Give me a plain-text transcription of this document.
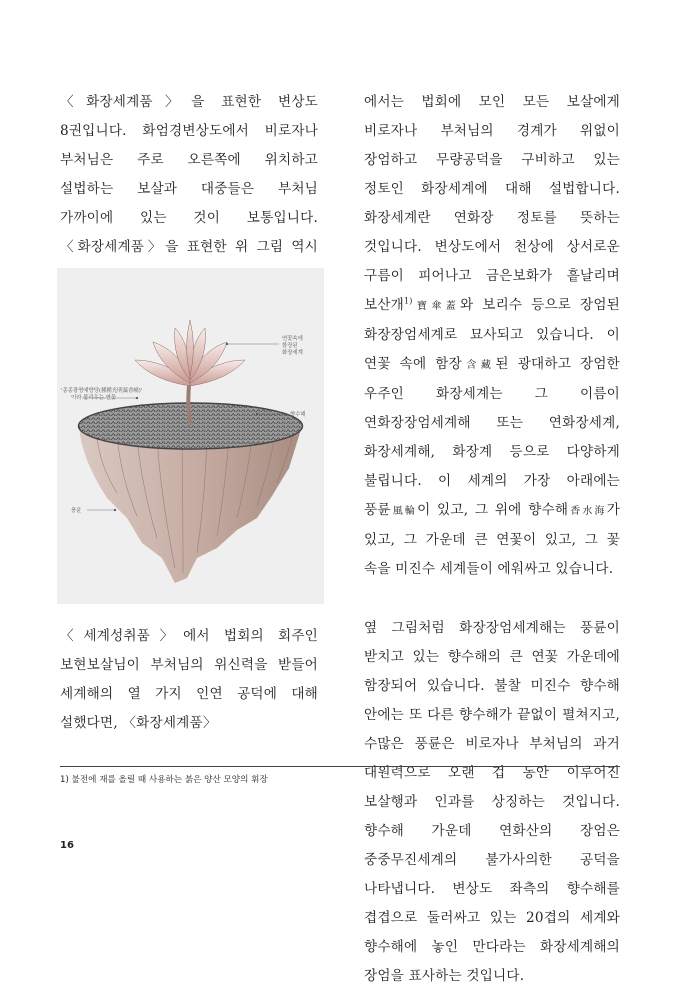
〈화장세계품〉을 표현한 변상도 8권입니다. 화엄경변상도에서 비로자나 부처님은 주로 오른쪽에 위치하고 설법하는 보살과 대중들은 부처님 가까이에 있는 것이 보통입니다. 〈화장세계품〉을 표현한 위 그림 역시

연꽃속에 함장된 화장세계
'종종광명예향당(種種光明蘂香幢)' 이라 불리우는 연꽃
향수해
풍륜

〈세계성취품〉에서 법회의 회주인 보현보살님이 부처님의 위신력을 받들어 세계해의 열 가지 인연 공덕에 대해 설했다면, 〈화장세계품〉

에서는 법회에 모인 모든 보살에게 비로자나 부처님의 경계가 위없이 장엄하고 무량공덕을 구비하고 있는 정토인 화장세계에 대해 설법합니다. 화장세계란 연화장 정토를 뜻하는 것입니다. 변상도에서 천상에 상서로운 구름이 피어나고 금은보화가 흩날리며 보산개$^{1)}$寶傘蓋와 보리수 등으로 장엄된 화장장엄세계로 묘사되고 있습니다. 이 연꽃 속에 함장含藏된 광대하고 장엄한 우주인 화장세계는 그 이름이 연화장장엄세계해 또는 연화장세계, 화장세계해, 화장계 등으로 다양하게 불립니다. 이 세계의 가장 아래에는 풍륜風輪이 있고, 그 위에 향수해香水海가 있고, 그 가운데 큰 연꽃이 있고, 그 꽃 속을 미진수 세계들이 에워싸고 있습니다.

옆 그림처럼 화장장엄세계해는 풍륜이 받치고 있는 향수해의 큰 연꽃 가운데에 함장되어 있습니다. 불찰 미진수 향수해 안에는 또 다른 향수해가 끝없이 펼쳐지고, 수많은 풍륜은 비로자나 부처님의 과거 대원력으로 오랜 겁 동안 이루어진 보살행과 인과를 상징하는 것입니다. 향수해 가운데 연화산의 장엄은 중중무진세계의 불가사의한 공덕을 나타냅니다. 변상도 좌측의 향수해를 겹겹으로 둘러싸고 있는 20겹의 세계와 향수해에 놓인 만다라는 화장세계해의 장엄을 표사하는 것입니다.

1) 불전에 재를 올릴 때 사용하는 붉은 양산 모양의 휘장
16
